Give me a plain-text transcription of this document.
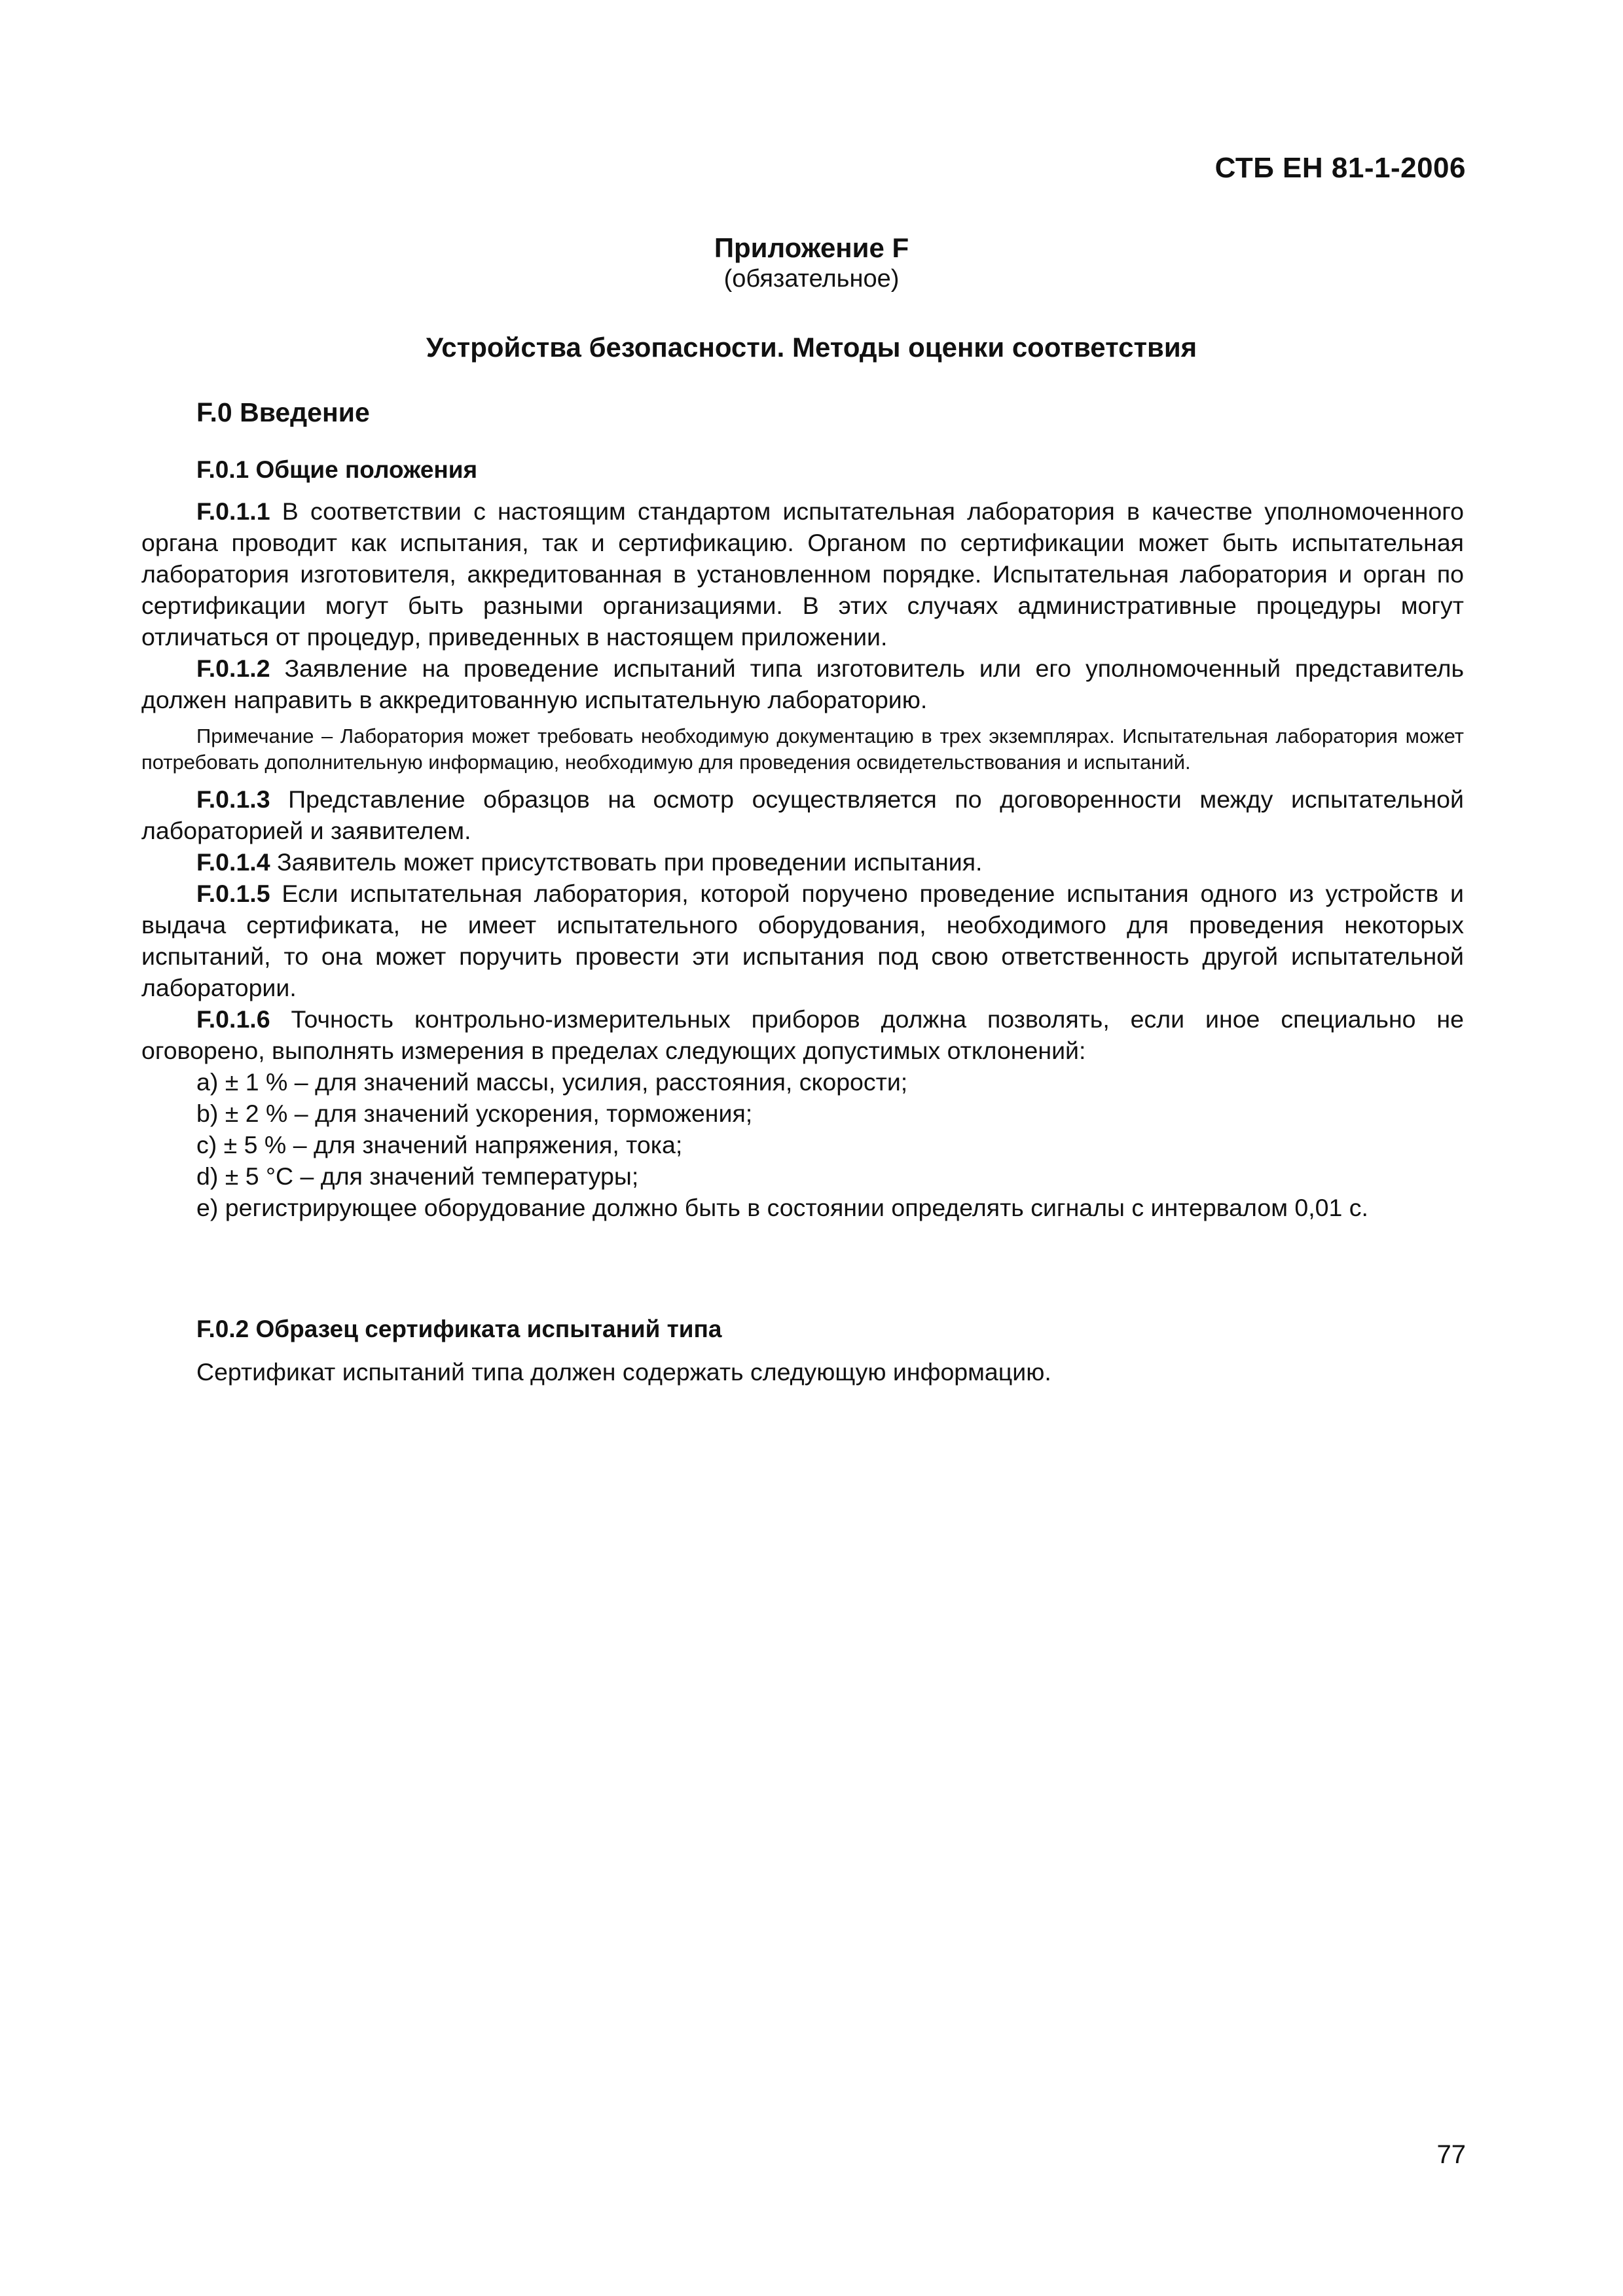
СТБ ЕН 81-1-2006
Приложение F
(обязательное)
Устройства безопасности. Методы оценки соответствия
F.0 Введение
F.0.1 Общие положения

F.0.1.1 В соответствии с настоящим стандартом испытательная лаборатория в качестве уполномоченного органа проводит как испытания, так и сертификацию. Органом по сертификации может быть испытательная лаборатория изготовителя, аккредитованная в установленном порядке. Испытательная лаборатория и орган по сертификации могут быть разными организациями. В этих случаях административные процедуры могут отличаться от процедур, приведенных в настоящем приложении.

F.0.1.2 Заявление на проведение испытаний типа изготовитель или его уполномоченный представитель должен направить в аккредитованную испытательную лабораторию.

Примечание – Лаборатория может требовать необходимую документацию в трех экземплярах. Испытательная лаборатория может потребовать дополнительную информацию, необходимую для проведения освидетельствования и испытаний.

F.0.1.3 Представление образцов на осмотр осуществляется по договоренности между испытательной лабораторией и заявителем.

F.0.1.4 Заявитель может присутствовать при проведении испытания.

F.0.1.5 Если испытательная лаборатория, которой поручено проведение испытания одного из устройств и выдача сертификата, не имеет испытательного оборудования, необходимого для проведения некоторых испытаний, то она может поручить провести эти испытания под свою ответственность другой испытательной лаборатории.

F.0.1.6 Точность контрольно-измерительных приборов должна позволять, если иное специально не оговорено, выполнять измерения в пределах следующих допустимых отклонений:

a) ± 1 % – для значений массы, усилия, расстояния, скорости;

b) ± 2 % – для значений ускорения, торможения;

c) ± 5 % – для значений напряжения, тока;

d) ± 5 °С – для значений температуры;

e) регистрирующее оборудование должно быть в состоянии определять сигналы с интервалом 0,01 с.

F.0.2 Образец сертификата испытаний типа

Сертификат испытаний типа должен содержать следующую информацию.

77
